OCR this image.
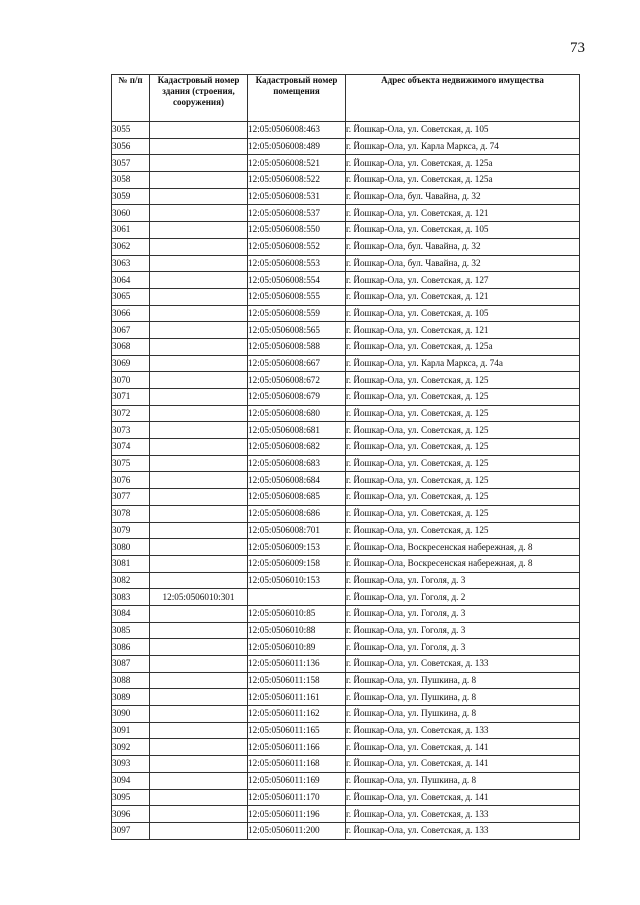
73
№ п/п	Кадастровый номер здания (строения, сооружения)	Кадастровый номер помещения	Адрес объекта недвижимого имущества
3055		12:05:0506008:463	г. Йошкар-Ола, ул. Советская, д. 105
3056		12:05:0506008:489	г. Йошкар-Ола, ул. Карла Маркса, д. 74
3057		12:05:0506008:521	г. Йошкар-Ола, ул. Советская, д. 125а
3058		12:05:0506008:522	г. Йошкар-Ола, ул. Советская, д. 125а
3059		12:05:0506008:531	г. Йошкар-Ола, бул. Чавайна, д. 32
3060		12:05:0506008:537	г. Йошкар-Ола, ул. Советская, д. 121
3061		12:05:0506008:550	г. Йошкар-Ола, ул. Советская, д. 105
3062		12:05:0506008:552	г. Йошкар-Ола, бул. Чавайна, д. 32
3063		12:05:0506008:553	г. Йошкар-Ола, бул. Чавайна, д. 32
3064		12:05:0506008:554	г. Йошкар-Ола, ул. Советская, д. 127
3065		12:05:0506008:555	г. Йошкар-Ола, ул. Советская, д. 121
3066		12:05:0506008:559	г. Йошкар-Ола, ул. Советская, д. 105
3067		12:05:0506008:565	г. Йошкар-Ола, ул. Советская, д. 121
3068		12:05:0506008:588	г. Йошкар-Ола, ул. Советская, д. 125а
3069		12:05:0506008:667	г. Йошкар-Ола, ул. Карла Маркса, д. 74а
3070		12:05:0506008:672	г. Йошкар-Ола, ул. Советская, д. 125
3071		12:05:0506008:679	г. Йошкар-Ола, ул. Советская, д. 125
3072		12:05:0506008:680	г. Йошкар-Ола, ул. Советская, д. 125
3073		12:05:0506008:681	г. Йошкар-Ола, ул. Советская, д. 125
3074		12:05:0506008:682	г. Йошкар-Ола, ул. Советская, д. 125
3075		12:05:0506008:683	г. Йошкар-Ола, ул. Советская, д. 125
3076		12:05:0506008:684	г. Йошкар-Ола, ул. Советская, д. 125
3077		12:05:0506008:685	г. Йошкар-Ола, ул. Советская, д. 125
3078		12:05:0506008:686	г. Йошкар-Ола, ул. Советская, д. 125
3079		12:05:0506008:701	г. Йошкар-Ола, ул. Советская, д. 125
3080		12:05:0506009:153	г. Йошкар-Ола, Воскресенская набережная, д. 8
3081		12:05:0506009:158	г. Йошкар-Ола, Воскресенская набережная, д. 8
3082		12:05:0506010:153	г. Йошкар-Ола, ул. Гоголя, д. 3
3083	12:05:0506010:301		г. Йошкар-Ола, ул. Гоголя, д. 2
3084		12:05:0506010:85	г. Йошкар-Ола, ул. Гоголя, д. 3
3085		12:05:0506010:88	г. Йошкар-Ола, ул. Гоголя, д. 3
3086		12:05:0506010:89	г. Йошкар-Ола, ул. Гоголя, д. 3
3087		12:05:0506011:136	г. Йошкар-Ола, ул. Советская, д. 133
3088		12:05:0506011:158	г. Йошкар-Ола, ул. Пушкина, д. 8
3089		12:05:0506011:161	г. Йошкар-Ола, ул. Пушкина, д. 8
3090		12:05:0506011:162	г. Йошкар-Ола, ул. Пушкина, д. 8
3091		12:05:0506011:165	г. Йошкар-Ола, ул. Советская, д. 133
3092		12:05:0506011:166	г. Йошкар-Ола, ул. Советская, д. 141
3093		12:05:0506011:168	г. Йошкар-Ола, ул. Советская, д. 141
3094		12:05:0506011:169	г. Йошкар-Ола, ул. Пушкина, д. 8
3095		12:05:0506011:170	г. Йошкар-Ола, ул. Советская, д. 141
3096		12:05:0506011:196	г. Йошкар-Ола, ул. Советская, д. 133
3097		12:05:0506011:200	г. Йошкар-Ола, ул. Советская, д. 133
